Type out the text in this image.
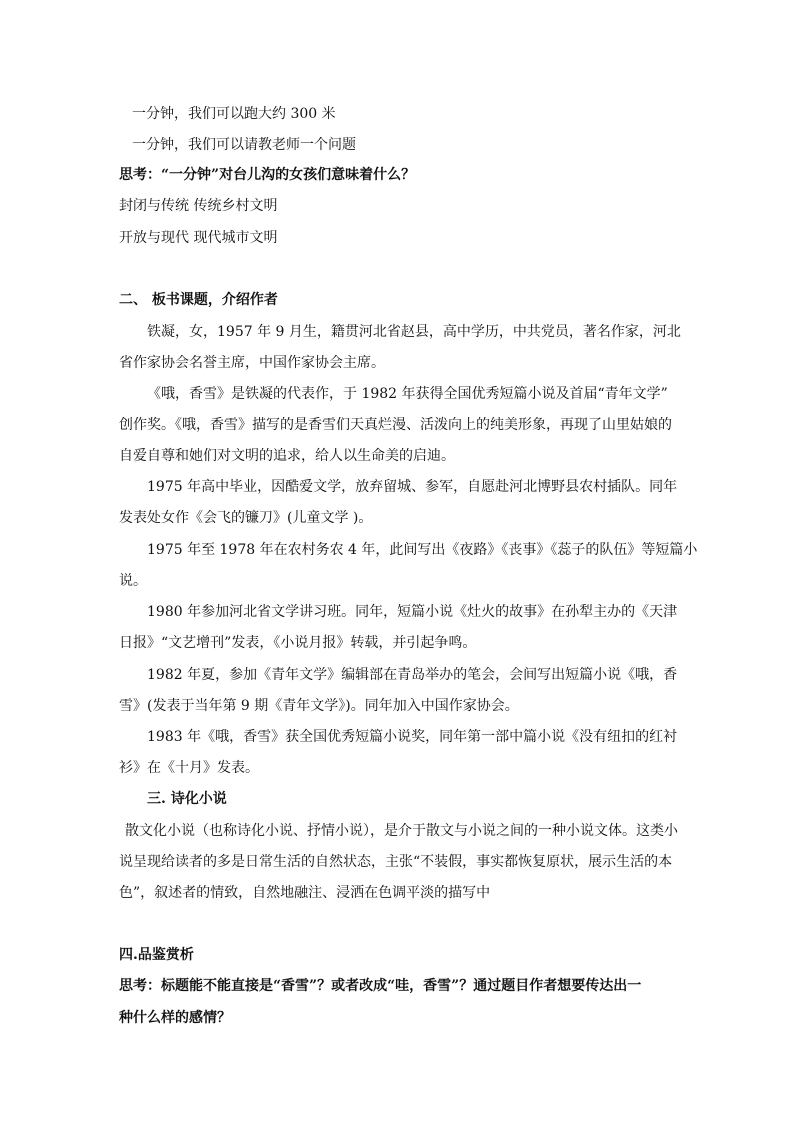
一分钟，我们可以跑大约 300 米
一分钟，我们可以请教老师一个问题
思考：“一分钟”对台儿沟的女孩们意味着什么？
封闭与传统 传统乡村文明
开放与现代 现代城市文明
二、 板书课题，介绍作者
铁凝，女，1957 年 9 月生，籍贯河北省赵县，高中学历，中共党员，著名作家，河北
省作家协会名誉主席，中国作家协会主席。
《哦，香雪》是铁凝的代表作，于 1982 年获得全国优秀短篇小说及首届“青年文学”
创作奖。《哦，香雪》描写的是香雪们天真烂漫、活泼向上的纯美形象，再现了山里姑娘的
自爱自尊和她们对文明的追求，给人以生命美的启迪。
1975 年高中毕业，因酷爱文学，放弃留城、参军，自愿赴河北博野县农村插队。同年
发表处女作《会飞的镰刀》(儿童文学 )。
1975 年至 1978 年在农村务农 4 年，此间写出《夜路》《丧事》《蕊子的队伍》等短篇小
说。
1980 年参加河北省文学讲习班。同年，短篇小说《灶火的故事》在孙犁主办的《天津
日报》“文艺增刊”发表，《小说月报》转载，并引起争鸣。
1982 年夏，参加《青年文学》编辑部在青岛举办的笔会，会间写出短篇小说《哦，香
雪》(发表于当年第 9 期《青年文学》)。同年加入中国作家协会。
1983 年《哦，香雪》获全国优秀短篇小说奖，同年第一部中篇小说《没有纽扣的红衬
衫》在《十月》发表。
三. 诗化小说
散文化小说（也称诗化小说、抒情小说），是介于散文与小说之间的一种小说文体。这类小
说呈现给读者的多是日常生活的自然状态，主张“不装假，事实都恢复原状，展示生活的本
色”，叙述者的情致，自然地融注、浸洒在色调平淡的描写中
四.品鉴赏析
思考：标题能不能直接是“香雪”？或者改成“哇，香雪”？通过题目作者想要传达出一
种什么样的感情？
